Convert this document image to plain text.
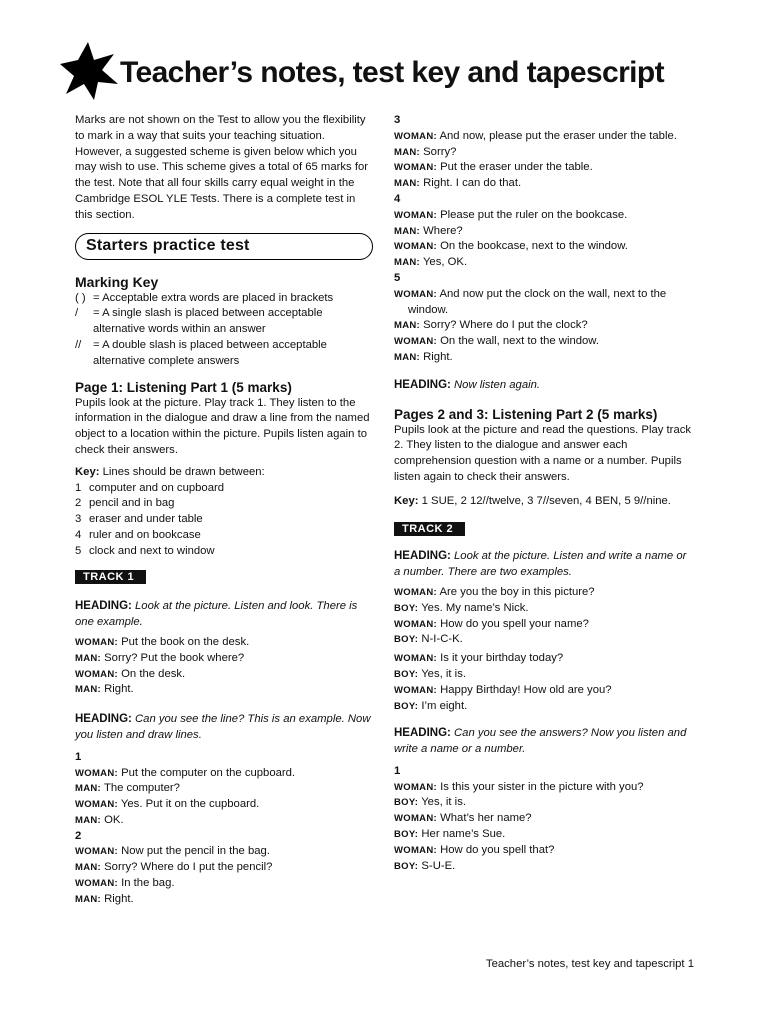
Teacher’s notes, test key and tapescript

Marks are not shown on the Test to allow you the flexibility to mark in a way that suits your teaching situation. However, a suggested scheme is given below which you may wish to use. This scheme gives a total of 65 marks for the test. Note that all four skills carry equal weight in the Cambridge ESOL YLE Tests. There is a complete test in this section.

Starters practice test
Marking Key
( ) = Acceptable extra words are placed in brackets
/	= A single slash is placed between acceptable alternative words within an answer
//	= A double slash is placed between acceptable alternative complete answers
Page 1: Listening Part 1 (5 marks)

Pupils look at the picture. Play track 1. They listen to the information in the dialogue and draw a line from the named object to a location within the picture. Pupils listen again to check their answers.

Key: Lines should be drawn between:
1 computer and on cupboard
2 pencil and in bag
3 eraser and under table
4 ruler and on bookcase
5 clock and next to window
TRACK 1
HEADING: Look at the picture. Listen and look. There is one example.
WOMAN: Put the book on the desk.
MAN: Sorry? Put the book where?
WOMAN: On the desk.
MAN: Right.
HEADING: Can you see the line? This is an example. Now you listen and draw lines.
1
WOMAN: Put the computer on the cupboard.
MAN: The computer?
WOMAN: Yes. Put it on the cupboard.
MAN: OK.
2
WOMAN: Now put the pencil in the bag.
MAN: Sorry? Where do I put the pencil?
WOMAN: In the bag.
MAN: Right.
3
WOMAN: And now, please put the eraser under the table.
MAN: Sorry?
WOMAN: Put the eraser under the table.
MAN: Right. I can do that.
4
WOMAN: Please put the ruler on the bookcase.
MAN: Where?
WOMAN: On the bookcase, next to the window.
MAN: Yes, OK.
5
WOMAN: And now put the clock on the wall, next to the window.
MAN: Sorry? Where do I put the clock?
WOMAN: On the wall, next to the window.
MAN: Right.
HEADING: Now listen again.
Pages 2 and 3: Listening Part 2 (5 marks)

Pupils look at the picture and read the questions. Play track 2. They listen to the dialogue and answer each comprehension question with a name or a number. Pupils listen again to check their answers.

Key: 1 SUE, 2 12//twelve, 3 7//seven, 4 BEN, 5 9//nine.
TRACK 2
HEADING: Look at the picture. Listen and write a name or a number. There are two examples.
WOMAN: Are you the boy in this picture?
BOY: Yes. My name’s Nick.
WOMAN: How do you spell your name?
BOY: N-I-C-K.
WOMAN: Is it your birthday today?
BOY: Yes, it is.
WOMAN: Happy Birthday! How old are you?
BOY: I’m eight.
HEADING: Can you see the answers? Now you listen and write a name or a number.
1
WOMAN: Is this your sister in the picture with you?
BOY: Yes, it is.
WOMAN: What’s her name?
BOY: Her name’s Sue.
WOMAN: How do you spell that?
BOY: S-U-E.
Teacher’s notes, test key and tapescript 1
